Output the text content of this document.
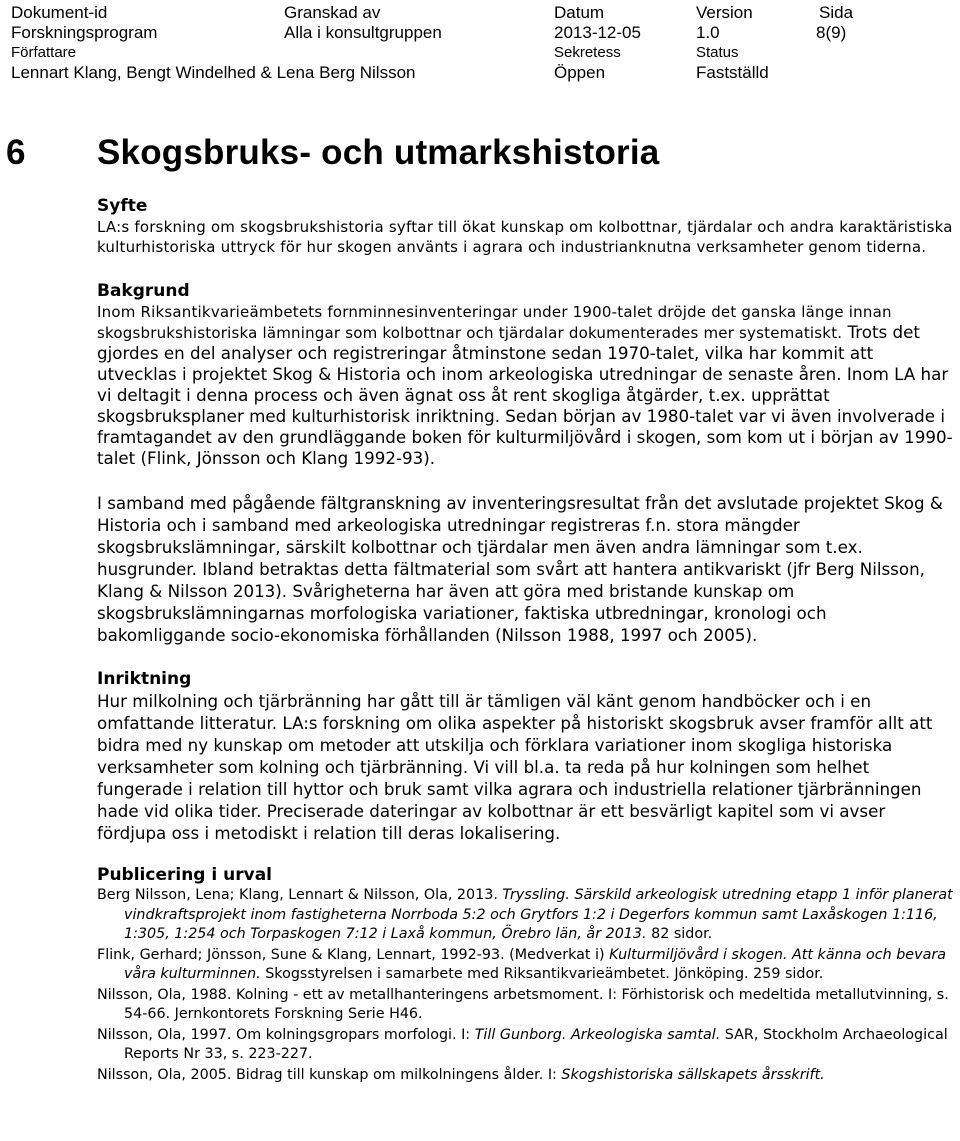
Dokument-id
Forskningsprogram
Granskad av
Alla i konsultgruppen
Datum
2013-12-05
Version
1.0
Sida
8(9)
Författare
Lennart Klang, Bengt Windelhed & Lena Berg Nilsson
Sekretess
Öppen
Status
Fastställd
6 Skogsbruks- och utmarkshistoria

Syfte

LA:s forskning om skogsbrukshistoria syftar till ökat kunskap om kolbottnar, tjärdalar och andra karaktäristiska kulturhistoriska uttryck för hur skogen använts i agrara och industrianknutna verksamheter genom tiderna.

Bakgrund

Inom Riksantikvarieämbetets fornminnesinventeringar under 1900-talet dröjde det ganska länge innan skogsbrukshistoriska lämningar som kolbottnar och tjärdalar dokumenterades mer systematiskt. Trots det gjordes en del analyser och registreringar åtminstone sedan 1970-talet, vilka har kommit att utvecklas i projektet Skog & Historia och inom arkeologiska utredningar de senaste åren. Inom LA har vi deltagit i denna process och även ägnat oss åt rent skogliga åtgärder, t.ex. upprättat skogsbruksplaner med kulturhistorisk inriktning. Sedan början av 1980-talet var vi även involverade i framtagandet av den grundläggande boken för kulturmiljövård i skogen, som kom ut i början av 1990-talet (Flink, Jönsson och Klang 1992-93).

I samband med pågående fältgranskning av inventeringsresultat från det avslutade projektet Skog & Historia och i samband med arkeologiska utredningar registreras f.n. stora mängder skogsbrukslämningar, särskilt kolbottnar och tjärdalar men även andra lämningar som t.ex. husgrunder. Ibland betraktas detta fältmaterial som svårt att hantera antikvariskt (jfr Berg Nilsson, Klang & Nilsson 2013). Svårigheterna har även att göra med bristande kunskap om skogsbrukslämningarnas morfologiska variationer, faktiska utbredningar, kronologi och bakomliggande socio-ekonomiska förhållanden (Nilsson 1988, 1997 och 2005).

Inriktning

Hur milkolning och tjärbränning har gått till är tämligen väl känt genom handböcker och i en omfattande litteratur. LA:s forskning om olika aspekter på historiskt skogsbruk avser framför allt att bidra med ny kunskap om metoder att utskilja och förklara variationer inom skogliga historiska verksamheter som kolning och tjärbränning. Vi vill bl.a. ta reda på hur kolningen som helhet fungerade i relation till hyttor och bruk samt vilka agrara och industriella relationer tjärbränningen hade vid olika tider. Preciserade dateringar av kolbottnar är ett besvärligt kapitel som vi avser fördjupa oss i metodiskt i relation till deras lokalisering.

Publicering i urval

Berg Nilsson, Lena; Klang, Lennart & Nilsson, Ola, 2013. Tryssling. Särskild arkeologisk utredning etapp 1 inför planerat vindkraftsprojekt inom fastigheterna Norrboda 5:2 och Grytfors 1:2 i Degerfors kommun samt Laxåskogen 1:116, 1:305, 1:254 och Torpaskogen 7:12 i Laxå kommun, Örebro län, år 2013. 82 sidor.
Flink, Gerhard; Jönsson, Sune & Klang, Lennart, 1992-93. (Medverkat i) Kulturmiljövård i skogen. Att känna och bevara våra kulturminnen. Skogsstyrelsen i samarbete med Riksantikvarieämbetet. Jönköping. 259 sidor.
Nilsson, Ola, 1988. Kolning - ett av metallhanteringens arbetsmoment. I: Förhistorisk och medeltida metallutvinning, s. 54-66. Jernkontorets Forskning Serie H46.
Nilsson, Ola, 1997. Om kolningsgropars morfologi. I: Till Gunborg. Arkeologiska samtal. SAR, Stockholm Archaeological Reports Nr 33, s. 223-227.
Nilsson, Ola, 2005. Bidrag till kunskap om milkolningens ålder. I: Skogshistoriska sällskapets årsskrift.
